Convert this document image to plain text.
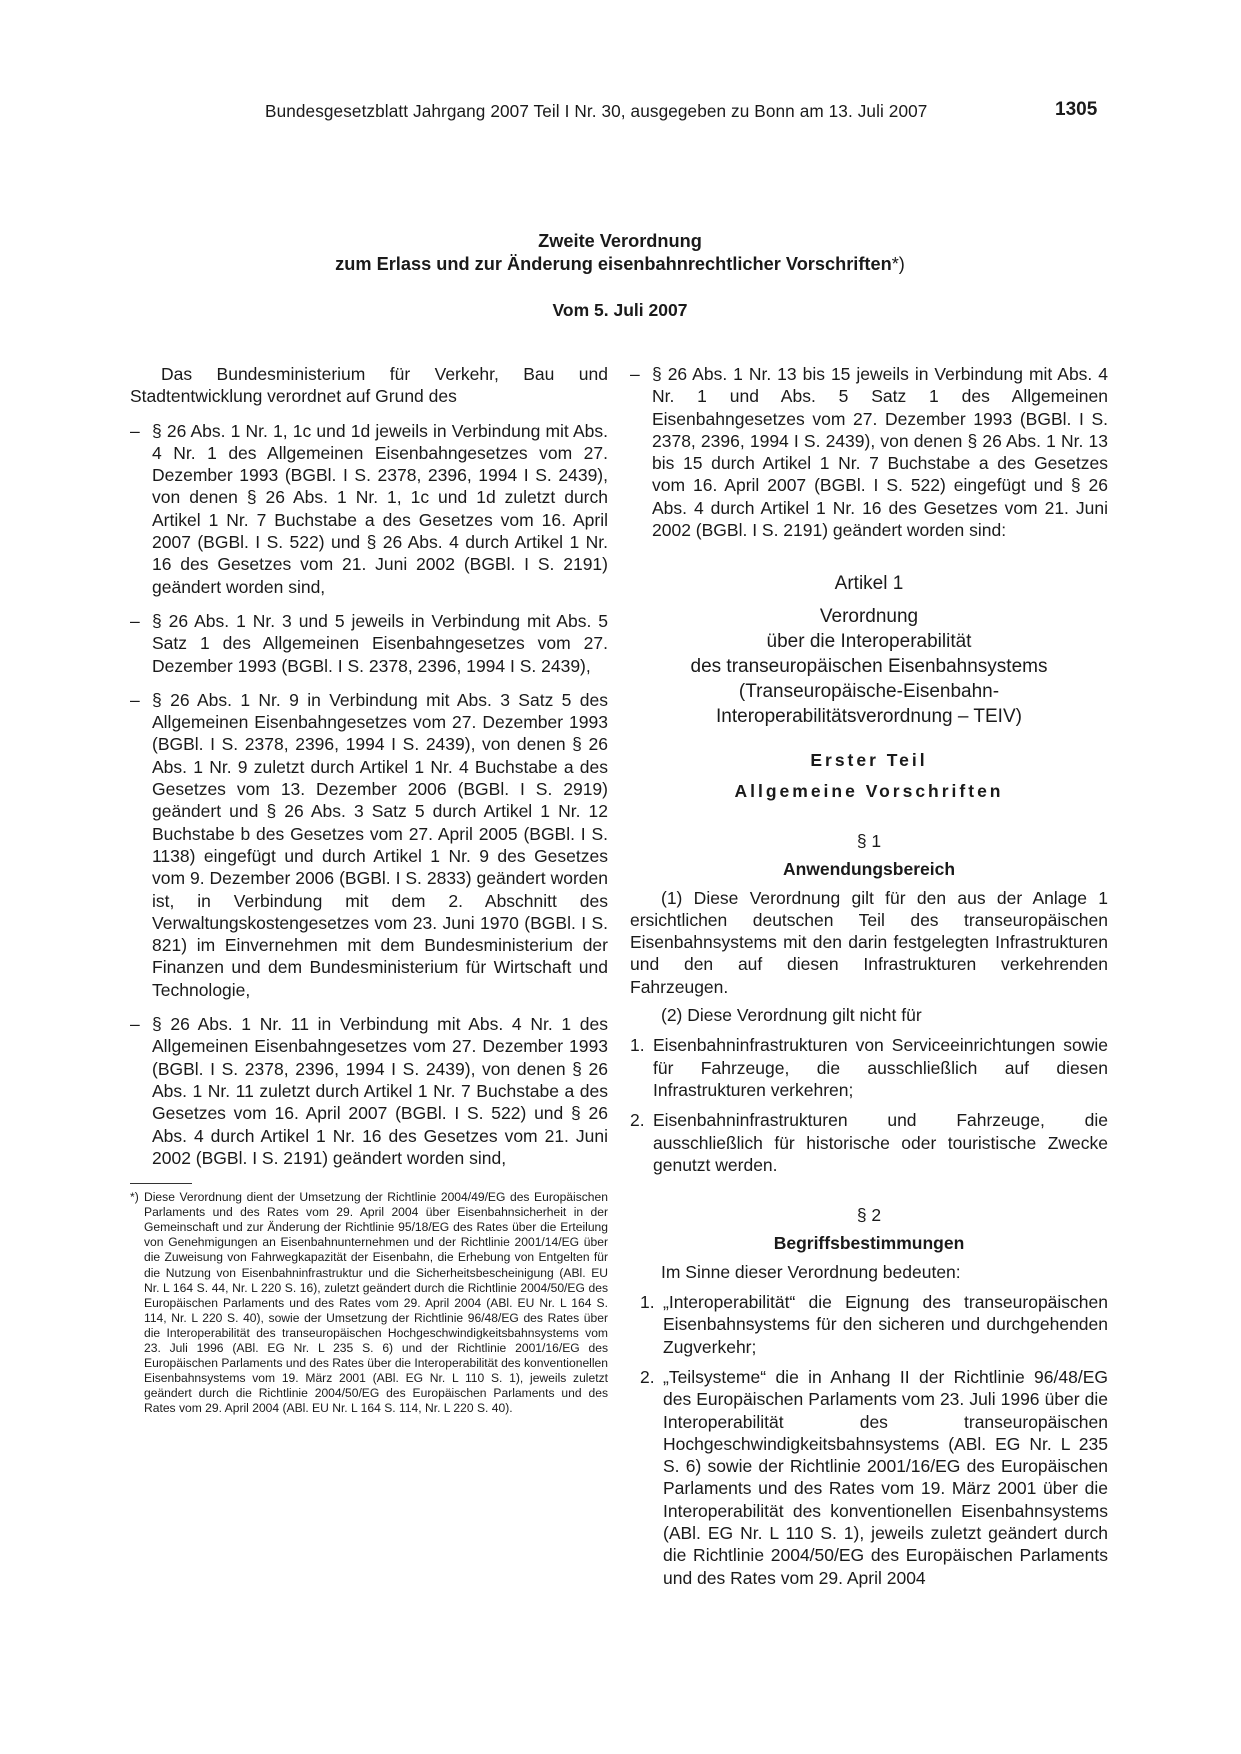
Bundesgesetzblatt Jahrgang 2007 Teil I Nr. 30, ausgegeben zu Bonn am 13. Juli 2007	1305
Zweite Verordnung
zum Erlass und zur Änderung eisenbahnrechtlicher Vorschriften*)
Vom 5. Juli 2007

Das Bundesministerium für Verkehr, Bau und Stadtentwicklung verordnet auf Grund des

– § 26 Abs. 1 Nr. 1, 1c und 1d jeweils in Verbindung mit Abs. 4 Nr. 1 des Allgemeinen Eisenbahngesetzes vom 27. Dezember 1993 (BGBl. I S. 2378, 2396, 1994 I S. 2439), von denen § 26 Abs. 1 Nr. 1, 1c und 1d zuletzt durch Artikel 1 Nr. 7 Buchstabe a des Gesetzes vom 16. April 2007 (BGBl. I S. 522) und § 26 Abs. 4 durch Artikel 1 Nr. 16 des Gesetzes vom 21. Juni 2002 (BGBl. I S. 2191) geändert worden sind,
– § 26 Abs. 1 Nr. 3 und 5 jeweils in Verbindung mit Abs. 5 Satz 1 des Allgemeinen Eisenbahngesetzes vom 27. Dezember 1993 (BGBl. I S. 2378, 2396, 1994 I S. 2439),
– § 26 Abs. 1 Nr. 9 in Verbindung mit Abs. 3 Satz 5 des Allgemeinen Eisenbahngesetzes vom 27. Dezember 1993 (BGBl. I S. 2378, 2396, 1994 I S. 2439), von denen § 26 Abs. 1 Nr. 9 zuletzt durch Artikel 1 Nr. 4 Buchstabe a des Gesetzes vom 13. Dezember 2006 (BGBl. I S. 2919) geändert und § 26 Abs. 3 Satz 5 durch Artikel 1 Nr. 12 Buchstabe b des Gesetzes vom 27. April 2005 (BGBl. I S. 1138) eingefügt und durch Artikel 1 Nr. 9 des Gesetzes vom 9. Dezember 2006 (BGBl. I S. 2833) geändert worden ist, in Verbindung mit dem 2. Abschnitt des Verwaltungskostengesetzes vom 23. Juni 1970 (BGBl. I S. 821) im Einvernehmen mit dem Bundesministerium der Finanzen und dem Bundesministerium für Wirtschaft und Technologie,
– § 26 Abs. 1 Nr. 11 in Verbindung mit Abs. 4 Nr. 1 des Allgemeinen Eisenbahngesetzes vom 27. Dezember 1993 (BGBl. I S. 2378, 2396, 1994 I S. 2439), von denen § 26 Abs. 1 Nr. 11 zuletzt durch Artikel 1 Nr. 7 Buchstabe a des Gesetzes vom 16. April 2007 (BGBl. I S. 522) und § 26 Abs. 4 durch Artikel 1 Nr. 16 des Gesetzes vom 21. Juni 2002 (BGBl. I S. 2191) geändert worden sind,
*) Diese Verordnung dient der Umsetzung der Richtlinie 2004/49/EG des Europäischen Parlaments und des Rates vom 29. April 2004 über Eisenbahnsicherheit in der Gemeinschaft und zur Änderung der Richtlinie 95/18/EG des Rates über die Erteilung von Genehmigungen an Eisenbahnunternehmen und der Richtlinie 2001/14/EG über die Zuweisung von Fahrwegkapazität der Eisenbahn, die Erhebung von Entgelten für die Nutzung von Eisenbahninfrastruktur und die Sicherheitsbescheinigung (ABl. EU Nr. L 164 S. 44, Nr. L 220 S. 16), zuletzt geändert durch die Richtlinie 2004/50/EG des Europäischen Parlaments und des Rates vom 29. April 2004 (ABl. EU Nr. L 164 S. 114, Nr. L 220 S. 40), sowie der Umsetzung der Richtlinie 96/48/EG des Rates über die Interoperabilität des transeuropäischen Hochgeschwindigkeitsbahnsystems vom 23. Juli 1996 (ABl. EG Nr. L 235 S. 6) und der Richtlinie 2001/16/EG des Europäischen Parlaments und des Rates über die Interoperabilität des konventionellen Eisenbahnsystems vom 19. März 2001 (ABl. EG Nr. L 110 S. 1), jeweils zuletzt geändert durch die Richtlinie 2004/50/EG des Europäischen Parlaments und des Rates vom 29. April 2004 (ABl. EU Nr. L 164 S. 114, Nr. L 220 S. 40).
– § 26 Abs. 1 Nr. 13 bis 15 jeweils in Verbindung mit Abs. 4 Nr. 1 und Abs. 5 Satz 1 des Allgemeinen Eisenbahngesetzes vom 27. Dezember 1993 (BGBl. I S. 2378, 2396, 1994 I S. 2439), von denen § 26 Abs. 1 Nr. 13 bis 15 durch Artikel 1 Nr. 7 Buchstabe a des Gesetzes vom 16. April 2007 (BGBl. I S. 522) eingefügt und § 26 Abs. 4 durch Artikel 1 Nr. 16 des Gesetzes vom 21. Juni 2002 (BGBl. I S. 2191) geändert worden sind:
Artikel 1
Verordnung
über die Interoperabilität
des transeuropäischen Eisenbahnsystems
(Transeuropäische-Eisenbahn-
Interoperabilitätsverordnung – TEIV)
Erster Teil
Allgemeine Vorschriften
§ 1
Anwendungsbereich

(1) Diese Verordnung gilt für den aus der Anlage 1 ersichtlichen deutschen Teil des transeuropäischen Eisenbahnsystems mit den darin festgelegten Infrastrukturen und den auf diesen Infrastrukturen verkehrenden Fahrzeugen.

(2) Diese Verordnung gilt nicht für

1. Eisenbahninfrastrukturen von Serviceeinrichtungen sowie für Fahrzeuge, die ausschließlich auf diesen Infrastrukturen verkehren;
2. Eisenbahninfrastrukturen und Fahrzeuge, die ausschließlich für historische oder touristische Zwecke genutzt werden.
§ 2
Begriffsbestimmungen

Im Sinne dieser Verordnung bedeuten:

1. „Interoperabilität“ die Eignung des transeuropäischen Eisenbahnsystems für den sicheren und durchgehenden Zugverkehr;
2. „Teilsysteme“ die in Anhang II der Richtlinie 96/48/EG des Europäischen Parlaments vom 23. Juli 1996 über die Interoperabilität des transeuropäischen Hochgeschwindigkeitsbahnsystems (ABl. EG Nr. L 235 S. 6) sowie der Richtlinie 2001/16/EG des Europäischen Parlaments und des Rates vom 19. März 2001 über die Interoperabilität des konventionellen Eisenbahnsystems (ABl. EG Nr. L 110 S. 1), jeweils zuletzt geändert durch die Richtlinie 2004/50/EG des Europäischen Parlaments und des Rates vom 29. April 2004
